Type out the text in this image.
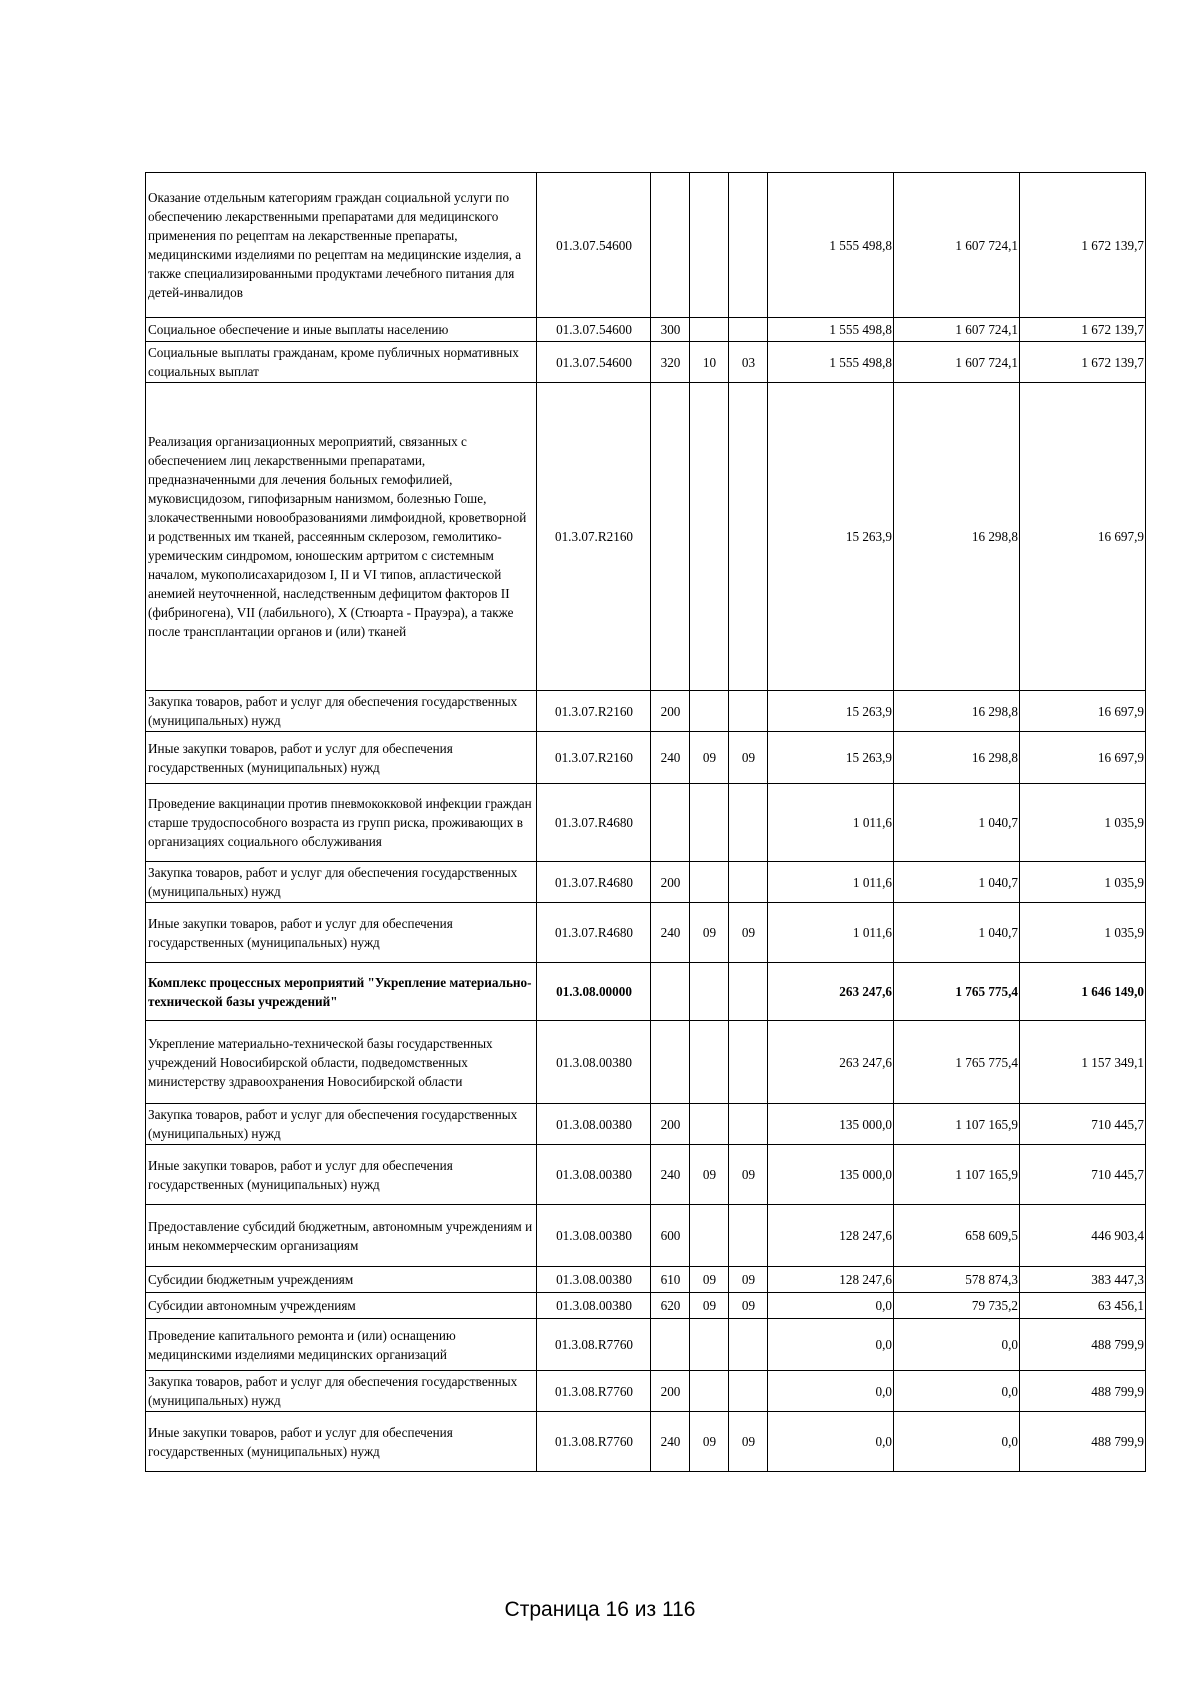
Оказание отдельным категориям граждан социальной услуги по обеспечению лекарственными препаратами для медицинского применения по рецептам на лекарственные препараты, медицинскими изделиями по рецептам на медицинские изделия, а также специализированными продуктами лечебного питания для детей-инвалидов	01.3.07.54600				1 555 498,8	1 607 724,1	1 672 139,7
Социальное обеспечение и иные выплаты населению	01.3.07.54600	300			1 555 498,8	1 607 724,1	1 672 139,7
Социальные выплаты гражданам, кроме публичных нормативных социальных выплат	01.3.07.54600	320	10	03	1 555 498,8	1 607 724,1	1 672 139,7
Реализация организационных мероприятий, связанных с обеспечением лиц лекарственными препаратами, предназначенными для лечения больных гемофилией, муковисцидозом, гипофизарным нанизмом, болезнью Гоше, злокачественными новообразованиями лимфоидной, кроветворной и родственных им тканей, рассеянным склерозом, гемолитико-уремическим синдромом, юношеским артритом с системным началом, мукополисахаридозом I, II и VI типов, апластической анемией неуточненной, наследственным дефицитом факторов II (фибриногена), VII (лабильного), X (Стюарта - Прауэра), а также после трансплантации органов и (или) тканей	01.3.07.R2160				15 263,9	16 298,8	16 697,9
Закупка товаров, работ и услуг для обеспечения государственных (муниципальных) нужд	01.3.07.R2160	200			15 263,9	16 298,8	16 697,9
Иные закупки товаров, работ и услуг для обеспечения государственных (муниципальных) нужд	01.3.07.R2160	240	09	09	15 263,9	16 298,8	16 697,9
Проведение вакцинации против пневмококковой инфекции граждан старше трудоспособного возраста из групп риска, проживающих в организациях социального обслуживания	01.3.07.R4680				1 011,6	1 040,7	1 035,9
Закупка товаров, работ и услуг для обеспечения государственных (муниципальных) нужд	01.3.07.R4680	200			1 011,6	1 040,7	1 035,9
Иные закупки товаров, работ и услуг для обеспечения государственных (муниципальных) нужд	01.3.07.R4680	240	09	09	1 011,6	1 040,7	1 035,9
Комплекс процессных мероприятий "Укрепление материально-технической базы учреждений"	01.3.08.00000				263 247,6	1 765 775,4	1 646 149,0
Укрепление материально-технической базы государственных учреждений Новосибирской области, подведомственных министерству здравоохранения Новосибирской области	01.3.08.00380				263 247,6	1 765 775,4	1 157 349,1
Закупка товаров, работ и услуг для обеспечения государственных (муниципальных) нужд	01.3.08.00380	200			135 000,0	1 107 165,9	710 445,7
Иные закупки товаров, работ и услуг для обеспечения государственных (муниципальных) нужд	01.3.08.00380	240	09	09	135 000,0	1 107 165,9	710 445,7
Предоставление субсидий бюджетным, автономным учреждениям и иным некоммерческим организациям	01.3.08.00380	600			128 247,6	658 609,5	446 903,4
Субсидии бюджетным учреждениям	01.3.08.00380	610	09	09	128 247,6	578 874,3	383 447,3
Субсидии автономным учреждениям	01.3.08.00380	620	09	09	0,0	79 735,2	63 456,1
Проведение капитального ремонта и (или) оснащению медицинскими изделиями медицинских организаций	01.3.08.R7760				0,0	0,0	488 799,9
Закупка товаров, работ и услуг для обеспечения государственных (муниципальных) нужд	01.3.08.R7760	200			0,0	0,0	488 799,9
Иные закупки товаров, работ и услуг для обеспечения государственных (муниципальных) нужд	01.3.08.R7760	240	09	09	0,0	0,0	488 799,9
Страница 16 из 116
